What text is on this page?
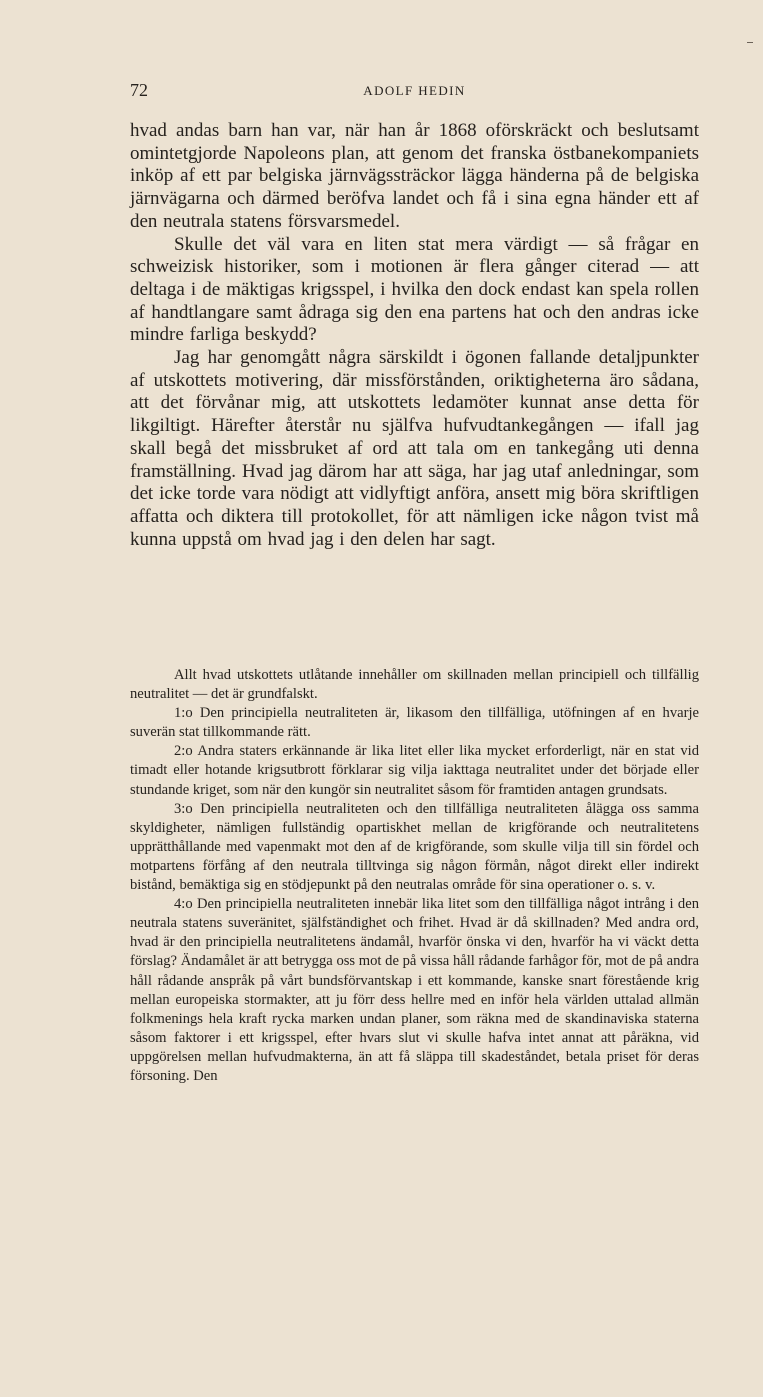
72	ADOLF HEDIN

hvad andas barn han var, när han år 1868 oförskräckt och beslutsamt omintetgjorde Napoleons plan, att genom det franska östbanekompaniets inköp af ett par belgiska järnvägssträckor lägga händerna på de belgiska järnvägarna och därmed beröfva landet och få i sina egna händer ett af den neutrala statens försvarsmedel.

Skulle det väl vara en liten stat mera värdigt — så frågar en schweizisk historiker, som i motionen är flera gånger citerad — att deltaga i de mäktigas krigsspel, i hvilka den dock endast kan spela rollen af handtlangare samt ådraga sig den ena partens hat och den andras icke mindre farliga beskydd?

Jag har genomgått några särskildt i ögonen fallande detaljpunkter af utskottets motivering, där missförstånden, oriktigheterna äro sådana, att det förvånar mig, att utskottets ledamöter kunnat anse detta för likgiltigt. Härefter återstår nu själfva hufvudtankegången — ifall jag skall begå det missbruket af ord att tala om en tankegång uti denna framställning. Hvad jag därom har att säga, har jag utaf anledningar, som det icke torde vara nödigt att vidlyftigt anföra, ansett mig böra skriftligen affatta och diktera till protokollet, för att nämligen icke någon tvist må kunna uppstå om hvad jag i den delen har sagt.

Allt hvad utskottets utlåtande innehåller om skillnaden mellan principiell och tillfällig neutralitet — det är grundfalskt.

1:o Den principiella neutraliteten är, likasom den tillfälliga, utöfningen af en hvarje suverän stat tillkommande rätt.

2:o Andra staters erkännande är lika litet eller lika mycket erforderligt, när en stat vid timadt eller hotande krigsutbrott förklarar sig vilja iakttaga neutralitet under det började eller stundande kriget, som när den kungör sin neutralitet såsom för framtiden antagen grundsats.

3:o Den principiella neutraliteten och den tillfälliga neutraliteten ålägga oss samma skyldigheter, nämligen fullständig opartiskhet mellan de krigförande och neutralitetens upprätthållande med vapenmakt mot den af de krigförande, som skulle vilja till sin fördel och motpartens förfång af den neutrala tilltvinga sig någon förmån, något direkt eller indirekt bistånd, bemäktiga sig en stödjepunkt på den neutralas område för sina operationer o. s. v.

4:o Den principiella neutraliteten innebär lika litet som den tillfälliga något intrång i den neutrala statens suveränitet, själfständighet och frihet. Hvad är då skillnaden? Med andra ord, hvad är den principiella neutralitetens ändamål, hvarför önska vi den, hvarför ha vi väckt detta förslag? Ändamålet är att betrygga oss mot de på vissa håll rådande farhågor för, mot de på andra håll rådande anspråk på vårt bundsförvantskap i ett kommande, kanske snart förestående krig mellan europeiska stormakter, att ju förr dess hellre med en inför hela världen uttalad allmän folkmenings hela kraft rycka marken undan planer, som räkna med de skandinaviska staterna såsom faktorer i ett krigsspel, efter hvars slut vi skulle hafva intet annat att påräkna, vid uppgörelsen mellan hufvudmakterna, än att få släppa till skadeståndet, betala priset för deras försoning. Den
